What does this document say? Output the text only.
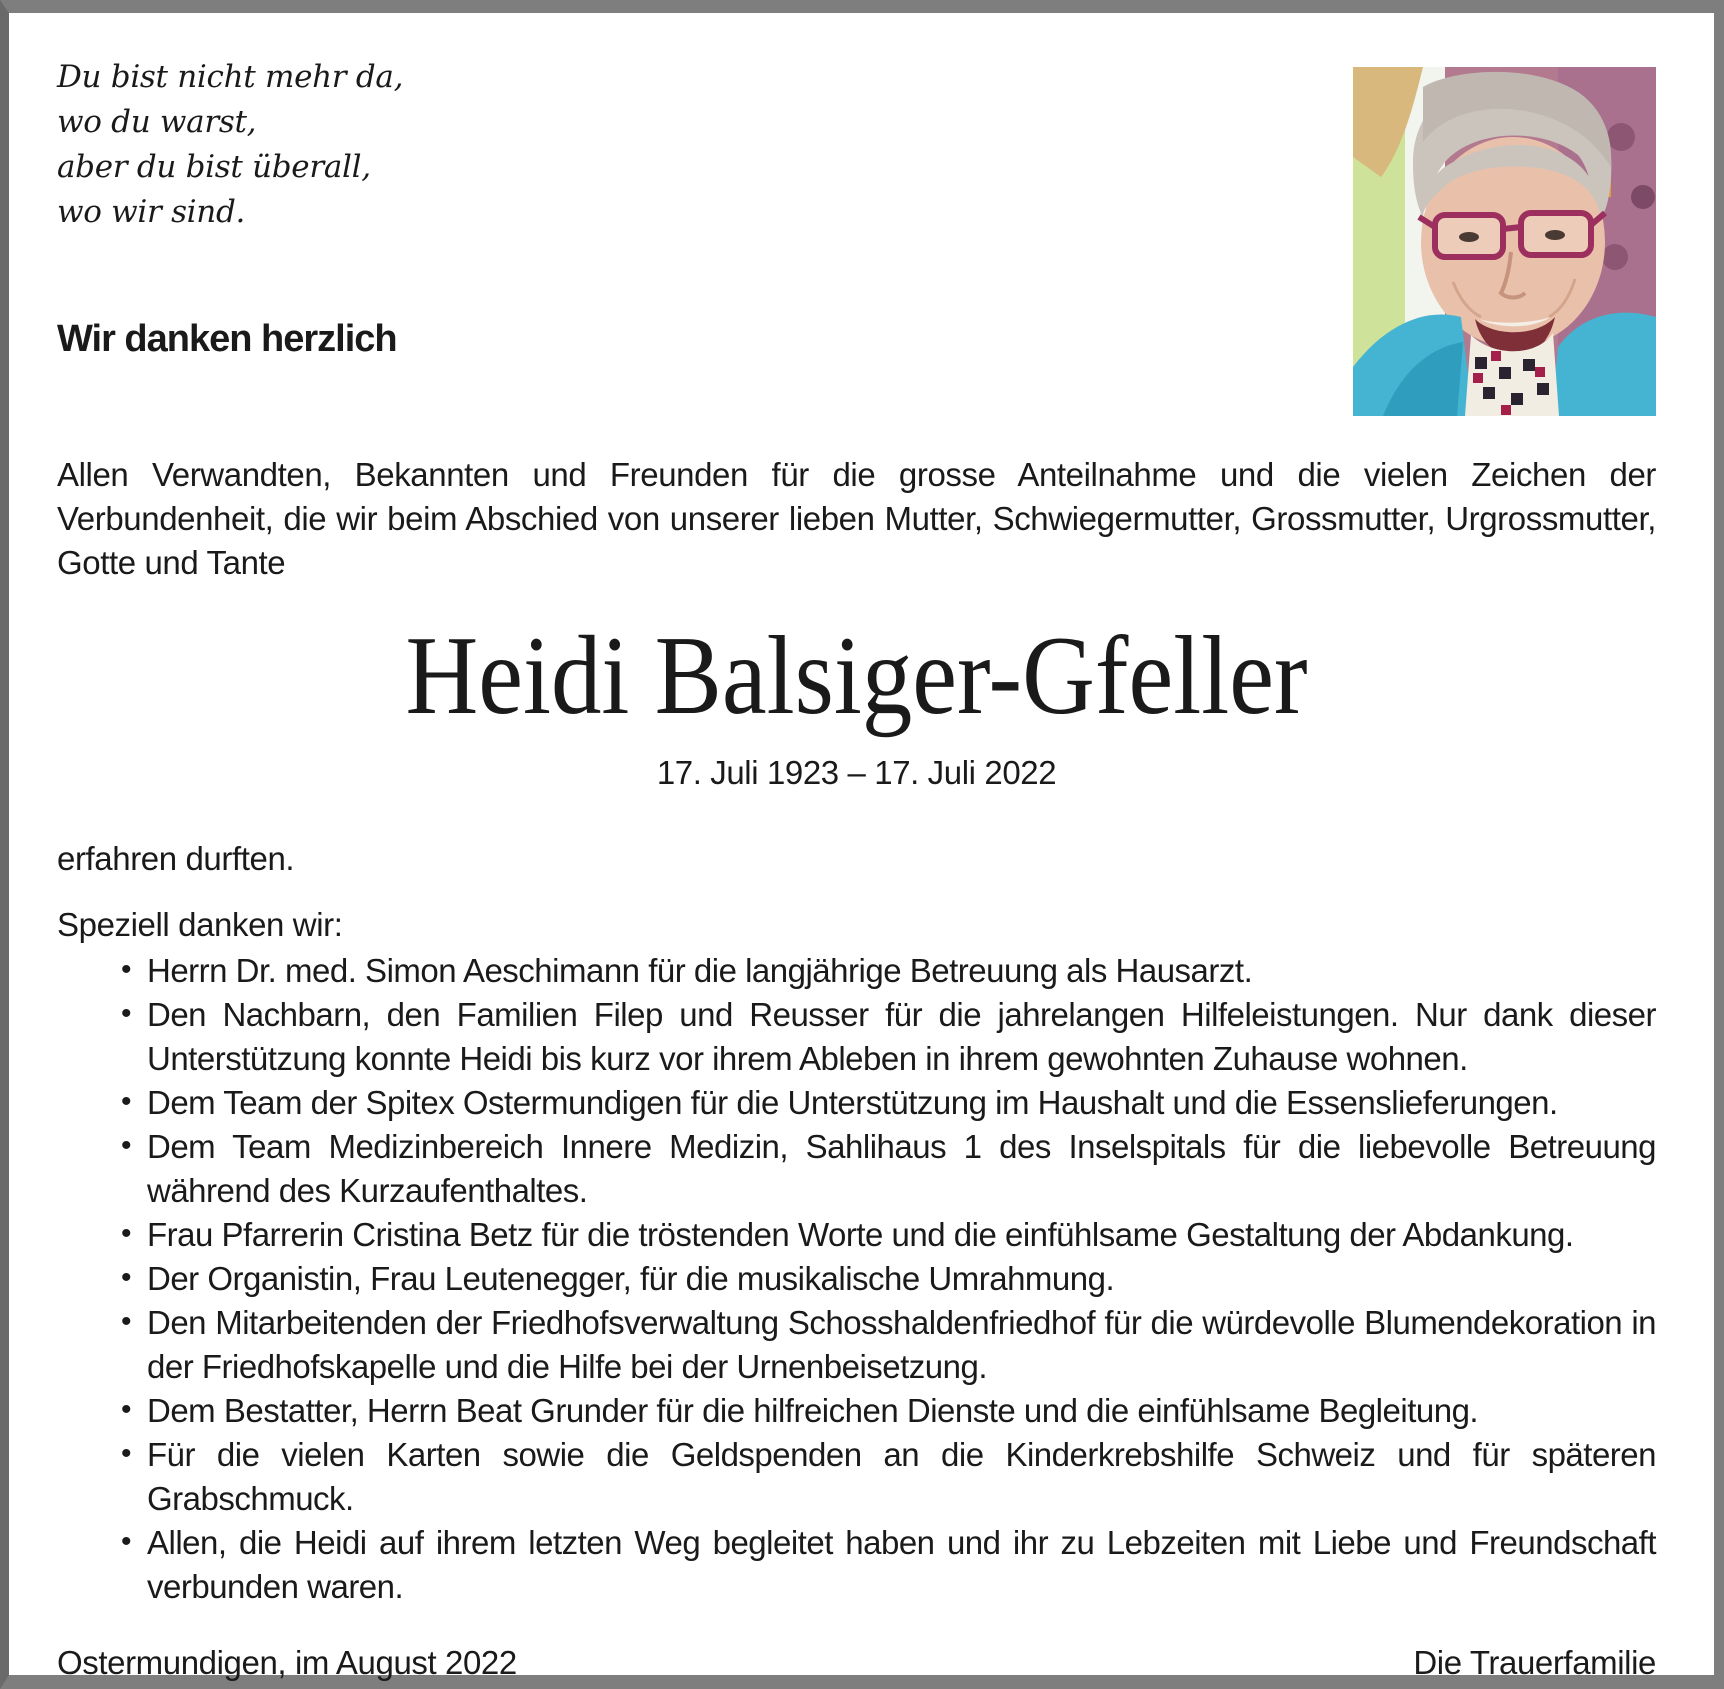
Du bist nicht mehr da,
wo du warst,
aber du bist überall,
wo wir sind.
Wir danken herzlich

Allen Verwandten, Bekannten und Freunden für die grosse Anteilnahme und die vielen Zeichen der Verbundenheit, die wir beim Abschied von unserer lieben Mutter, Schwiegermutter, Grossmutter, Urgrossmutter, Gotte und Tante

Heidi Balsiger-Gfeller
17. Juli 1923 – 17. Juli 2022

erfahren durften.

Speziell danken wir:

• Herrn Dr. med. Simon Aeschimann für die langjährige Betreuung als Hausarzt.
• Den Nachbarn, den Familien Filep und Reusser für die jahrelangen Hilfeleistungen. Nur dank dieser Unterstützung konnte Heidi bis kurz vor ihrem Ableben in ihrem gewohnten Zuhause wohnen.
• Dem Team der Spitex Ostermundigen für die Unterstützung im Haushalt und die Essenslieferungen.
• Dem Team Medizinbereich Innere Medizin, Sahlihaus 1 des Inselspitals für die liebevolle Betreuung während des Kurzaufenthaltes.
• Frau Pfarrerin Cristina Betz für die tröstenden Worte und die einfühlsame Gestaltung der Abdankung.
• Der Organistin, Frau Leutenegger, für die musikalische Umrahmung.
• Den Mitarbeitenden der Friedhofsverwaltung Schosshaldenfriedhof für die würdevolle Blumendekoration in der Friedhofskapelle und die Hilfe bei der Urnenbeisetzung.
• Dem Bestatter, Herrn Beat Grunder für die hilfreichen Dienste und die einfühlsame Begleitung.
• Für die vielen Karten sowie die Geldspenden an die Kinderkrebshilfe Schweiz und für späteren Grabschmuck.
• Allen, die Heidi auf ihrem letzten Weg begleitet haben und ihr zu Lebzeiten mit Liebe und Freundschaft verbunden waren.
Ostermundigen, im August 2022	Die Trauerfamilie
